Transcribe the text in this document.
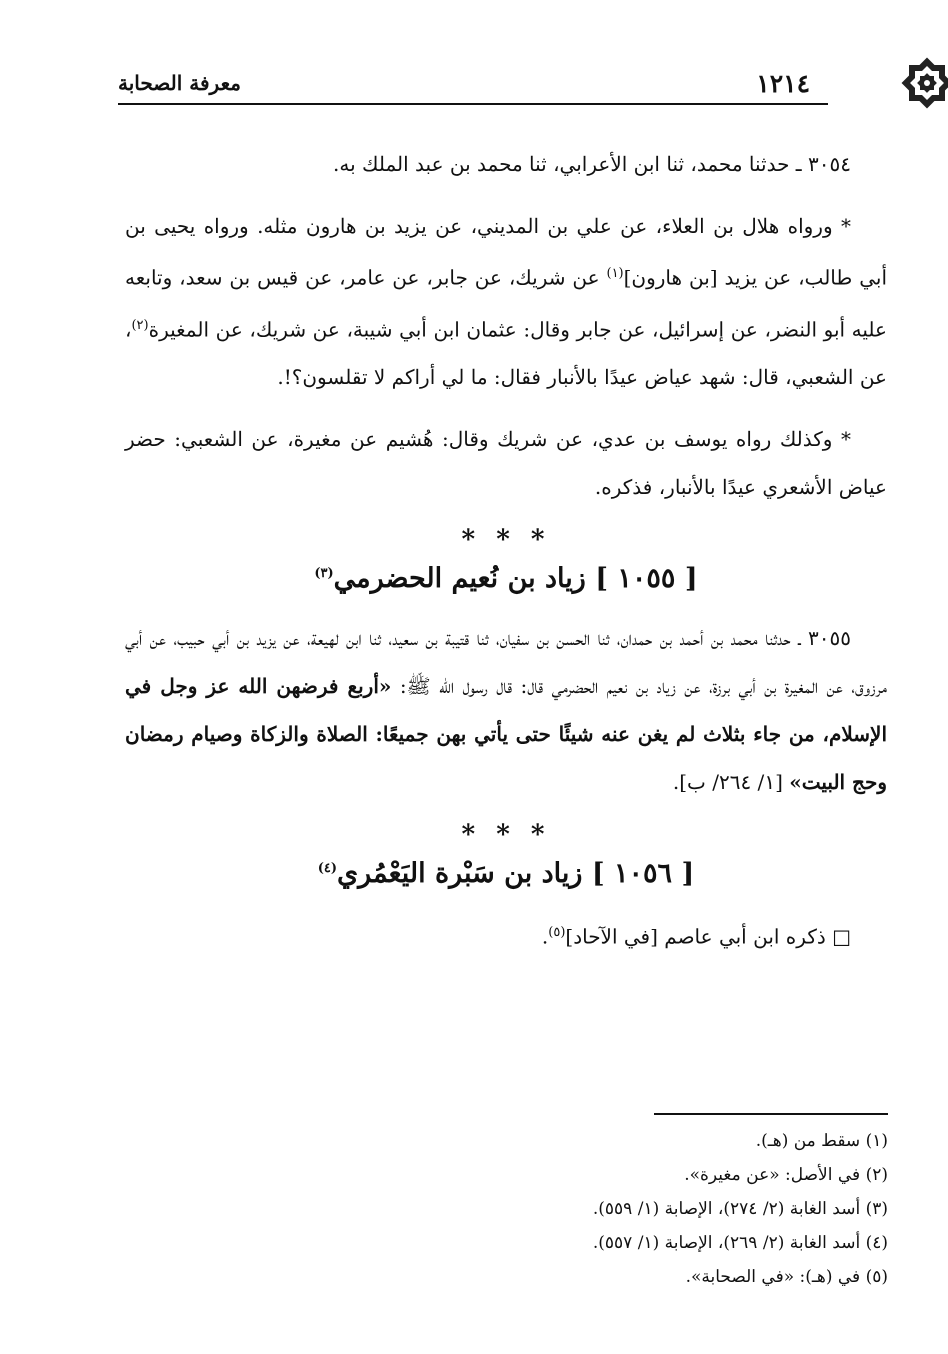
١٢١٤
معرفة الصحابة

٣٠٥٤ ـ حدثنا محمد، ثنا ابن الأعرابي، ثنا محمد بن عبد الملك به.

* ورواه هلال بن العلاء، عن علي بن المديني، عن يزيد بن هارون مثله. ورواه يحيى بن أبي طالب، عن يزيد [بن هارون]$^{(١)}$ عن شريك، عن جابر، عن عامر، عن قيس بن سعد، وتابعه عليه أبو النضر، عن إسرائيل، عن جابر وقال: عثمان ابن أبي شيبة، عن شريك، عن المغيرة$^{(٢)}$، عن الشعبي، قال: شهد عياض عيدًا بالأنبار فقال: ما لي أراكم لا تقلسون؟!.

* وكذلك رواه يوسف بن عدي، عن شريك وقال: هُشيم عن مغيرة، عن الشعبي: حضر عياض الأشعري عيدًا بالأنبار، فذكره.

* * *
[ ١٠٥٥ ] زياد بن نُعيم الحضرمي$^{(٣)}$

٣٠٥٥ ـ حدثنا محمد بن أحمد بن حمدان، ثنا الحسن بن سفيان، ثنا قتيبة بن سعيد، ثنا ابن لهيعة، عن يزيد بن أبي حبيب، عن أبي مرزوق، عن المغيرة بن أبي برزة، عن زياد بن نعيم الحضرمي قال: قال رسول الله ﷺ: «أربع فرضهن الله عز وجل في الإسلام، من جاء بثلاث لم يغن عنه شيئًا حتى يأتي بهن جميعًا: الصلاة والزكاة وصيام رمضان وحج البيت» [١/ ٢٦٤/ ب].

* * *
[ ١٠٥٦ ] زياد بن سَبْرة اليَعْمُري$^{(٤)}$

□ ذكره ابن أبي عاصم [في الآحاد]$^{(٥)}$.

(١) سقط من (هـ).
(٢) في الأصل: «عن مغيرة».
(٣) أسد الغابة (٢/ ٢٧٤)، الإصابة (١/ ٥٥٩).
(٤) أسد الغابة (٢/ ٢٦٩)، الإصابة (١/ ٥٥٧).
(٥) في (هـ): «في الصحابة».
